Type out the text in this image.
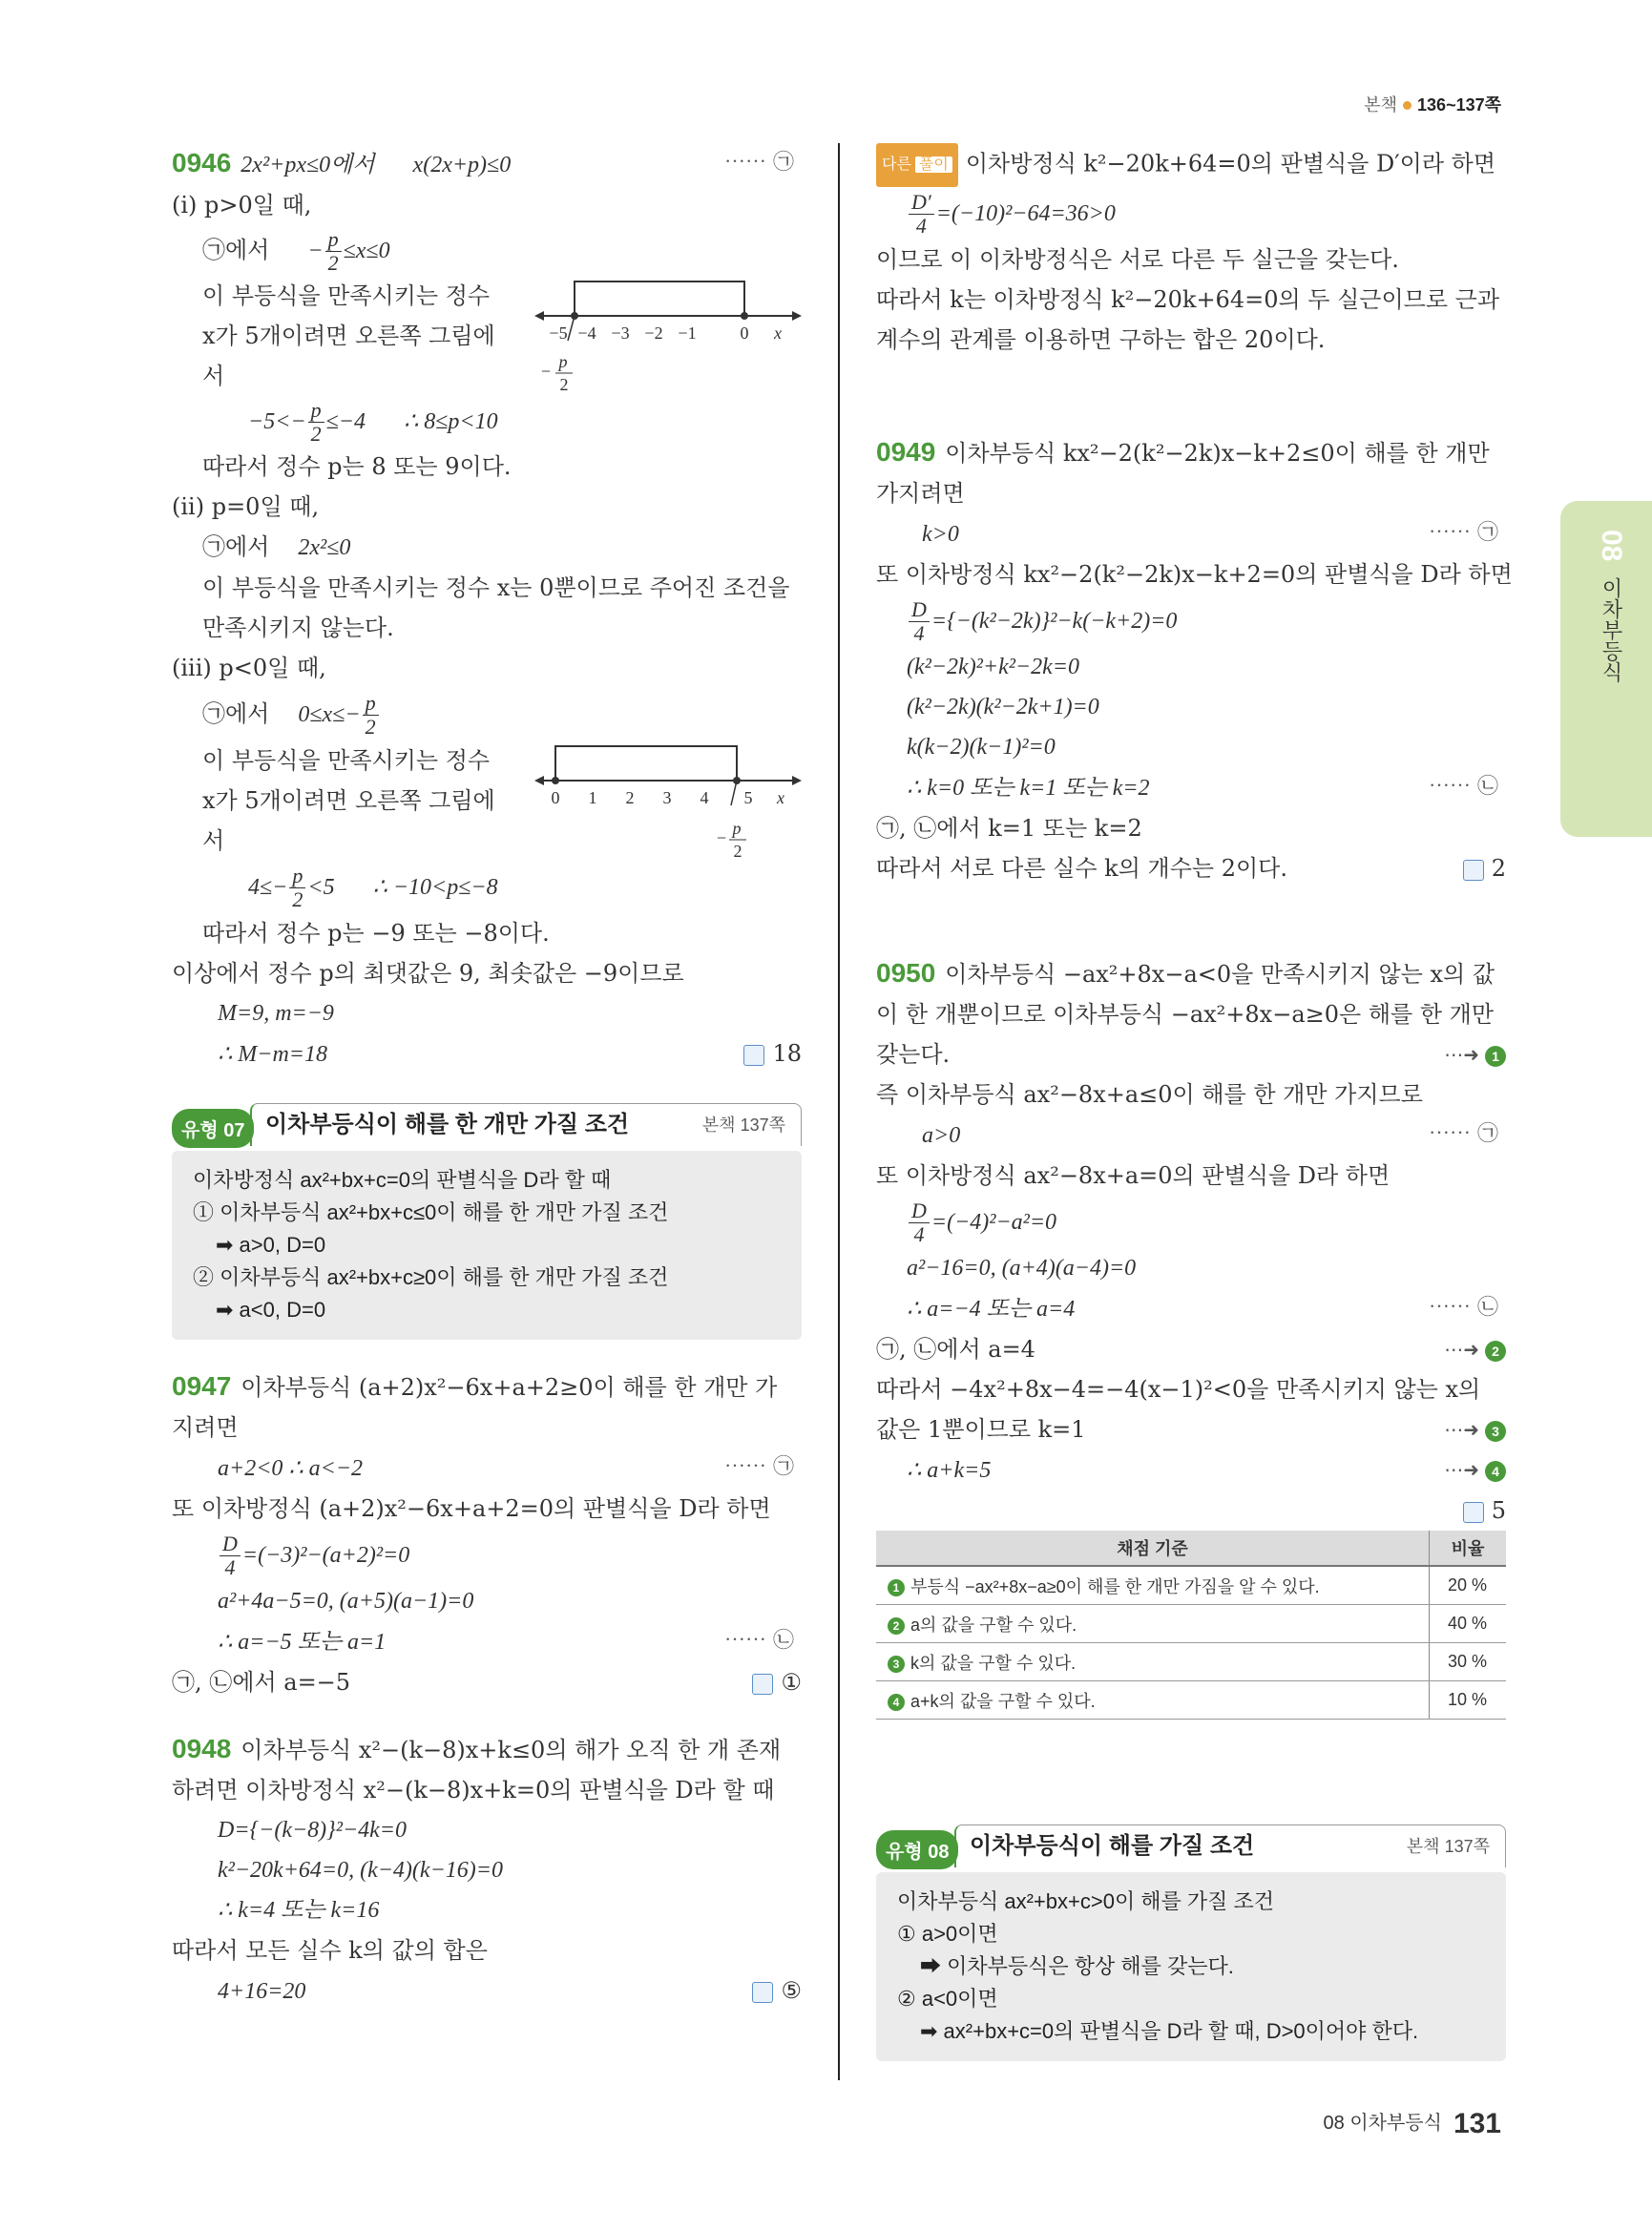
본책 136~137쪽
08
이차부등식
0946 2x²+px≤0에서 x(2x+p)≤0	⋯⋯ ㉠
(i) p>0일 때,
㉠에서 − $\frac{p}{2} \le x\le 0$
이 부등식을 만족시키는 정수
x가 5개이려면 오른쪽 그림에
서
−5 −4 −3 −2 −1	0 x
− p
2
$-5<- \frac{p}{2} \le-4$ ∴ 8≤p<10
따라서 정수 p는 8 또는 9이다.
(ii) p=0일 때,
㉠에서 2x²≤0
이 부등식을 만족시키는 정수 x는 0뿐이므로 주어진 조건을
만족시키지 않는다.
(iii) p<0일 때,
㉠에서 $0\le x\le- \frac{p}{2}$
이 부등식을 만족시키는 정수
x가 5개이려면 오른쪽 그림에
서
0 1 2 3 4 5 x
− p
2
$4\le- \frac{p}{2} <5$ ∴ −10<p≤−8
따라서 정수 p는 −9 또는 −8이다.
이상에서 정수 p의 최댓값은 9, 최솟값은 −9이므로
M=9, m=−9
∴ M−m=18	18
유형 07 이차부등식이 해를 한 개만 가질 조건	본책 137쪽
이차방정식 ax²+bx+c=0의 판별식을 D라 할 때
① 이차부등식 ax²+bx+c≤0이 해를 한 개만 가질 조건
➡ a>0, D=0
② 이차부등식 ax²+bx+c≥0이 해를 한 개만 가질 조건
➡ a<0, D=0
0947 이차부등식 (a+2)x²−6x+a+2≥0이 해를 한 개만 가
지려면
a+2<0 ∴ a<−2	⋯⋯ ㉠
또 이차방정식 (a+2)x²−6x+a+2=0의 판별식을 D라 하면
$\frac{D}{4} =(-3)^2-(a+2)^2=0$
a²+4a−5=0, (a+5)(a−1)=0
∴ a=−5 또는 a=1	⋯⋯ ㉡
㉠, ㉡에서 a=−5	①
0948 이차부등식 x²−(k−8)x+k≤0의 해가 오직 한 개 존재
하려면 이차방정식 x²−(k−8)x+k=0의 판별식을 D라 할 때
D={−(k−8)}²−4k=0
k²−20k+64=0, (k−4)(k−16)=0
∴ k=4 또는 k=16
따라서 모든 실수 k의 값의 합은
4+16=20	⑤
다른 풀이 이차방정식 k²−20k+64=0의 판별식을 D′이라 하면
$\frac{D'}{4} =(-10)^2-64=36>0$
이므로 이 이차방정식은 서로 다른 두 실근을 갖는다.
따라서 k는 이차방정식 k²−20k+64=0의 두 실근이므로 근과
계수의 관계를 이용하면 구하는 합은 20이다.
0949 이차부등식 kx²−2(k²−2k)x−k+2≤0이 해를 한 개만
가지려면
k>0	⋯⋯ ㉠
또 이차방정식 kx²−2(k²−2k)x−k+2=0의 판별식을 D라 하면
$\frac{D}{4} =\{-(k^2-2k)\}^2-k(-k+2)=0$
(k²−2k)²+k²−2k=0
(k²−2k)(k²−2k+1)=0
k(k−2)(k−1)²=0
∴ k=0 또는 k=1 또는 k=2	⋯⋯ ㉡
㉠, ㉡에서 k=1 또는 k=2
따라서 서로 다른 실수 k의 개수는 2이다.	2
0950 이차부등식 −ax²+8x−a<0을 만족시키지 않는 x의 값
이 한 개뿐이므로 이차부등식 −ax²+8x−a≥0은 해를 한 개만
갖는다.	⋯➜ 1
즉 이차부등식 ax²−8x+a≤0이 해를 한 개만 가지므로
a>0	⋯⋯ ㉠
또 이차방정식 ax²−8x+a=0의 판별식을 D라 하면
$\frac{D}{4} =(-4)^2-a^2=0$
a²−16=0, (a+4)(a−4)=0
∴ a=−4 또는 a=4	⋯⋯ ㉡
㉠, ㉡에서 a=4	⋯➜ 2
따라서 −4x²+8x−4=−4(x−1)²<0을 만족시키지 않는 x의
값은 1뿐이므로 k=1	⋯➜ 3
∴ a+k=5	⋯➜ 4
5
채점 기준	비율
1 부등식 −ax²+8x−a≥0이 해를 한 개만 가짐을 알 수 있다.	20 %
2 a의 값을 구할 수 있다.	40 %
3 k의 값을 구할 수 있다.	30 %
4 a+k의 값을 구할 수 있다.	10 %
유형 08 이차부등식이 해를 가질 조건	본책 137쪽
이차부등식 ax²+bx+c>0이 해를 가질 조건
① a>0이면
➡ 이차부등식은 항상 해를 갖는다.
② a<0이면
➡ ax²+bx+c=0의 판별식을 D라 할 때, D>0이어야 한다.
08 이차부등식 131
